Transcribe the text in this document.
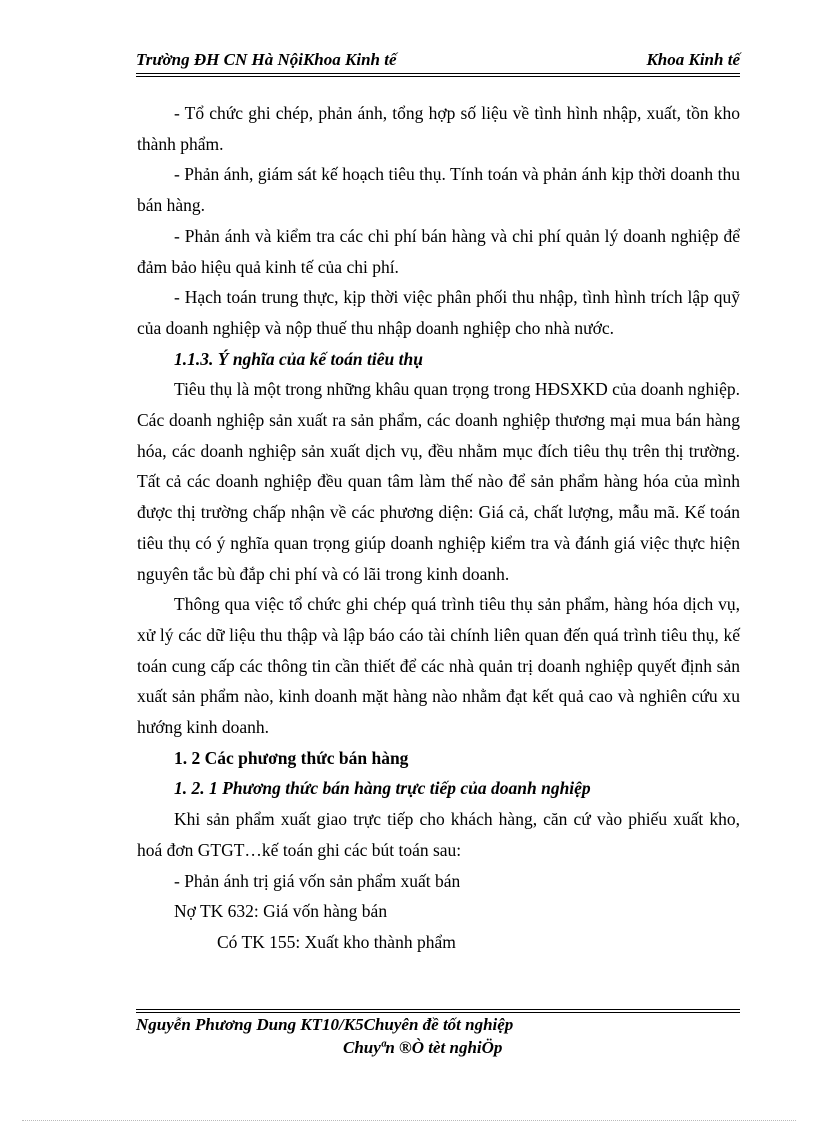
Trường ĐH CN Hà NộiKhoa Kinh tế	Khoa Kinh tế

- Tổ chức ghi chép, phản ánh, tổng hợp số liệu về tình hình nhập, xuất, tồn kho thành phẩm.

- Phản ánh, giám sát kế hoạch tiêu thụ. Tính toán và phản ánh kịp thời doanh thu bán hàng.

- Phản ánh và kiểm tra các chi phí bán hàng và chi phí quản lý doanh nghiệp để đảm bảo hiệu quả kinh tế của chi phí.

- Hạch toán trung thực, kịp thời việc phân phối thu nhập, tình hình trích lập quỹ của doanh nghiệp và nộp thuế thu nhập doanh nghiệp cho nhà nước.

1.1.3. Ý nghĩa của kế toán tiêu thụ

Tiêu thụ là một trong những khâu quan trọng trong HĐSXKD của doanh nghiệp. Các doanh nghiệp sản xuất ra sản phẩm, các doanh nghiệp thương mại mua bán hàng hóa, các doanh nghiệp sản xuất dịch vụ, đều nhằm mục đích tiêu thụ trên thị trường. Tất cả các doanh nghiệp đều quan tâm làm thế nào để sản phẩm hàng hóa của mình được thị trường chấp nhận về các phương diện: Giá cả, chất lượng, mẫu mã. Kế toán tiêu thụ có ý nghĩa quan trọng giúp doanh nghiệp kiểm tra và đánh giá việc thực hiện nguyên tắc bù đắp chi phí và có lãi trong kinh doanh.

Thông qua việc tổ chức ghi chép quá trình tiêu thụ sản phẩm, hàng hóa dịch vụ, xử lý các dữ liệu thu thập và lập báo cáo tài chính liên quan đến quá trình tiêu thụ, kế toán cung cấp các thông tin cần thiết để các nhà quản trị doanh nghiệp quyết định sản xuất sản phẩm nào, kinh doanh mặt hàng nào nhằm đạt kết quả cao và nghiên cứu xu hướng kinh doanh.

1. 2 Các phương thức bán hàng

1. 2. 1 Phương thức bán hàng trực tiếp của doanh nghiệp

Khi sản phẩm xuất giao trực tiếp cho khách hàng, căn cứ vào phiếu xuất kho, hoá đơn GTGT…kế toán ghi các bút toán sau:

- Phản ánh trị giá vốn sản phẩm xuất bán

Nợ TK 632: Giá vốn hàng bán

Có TK 155: Xuất kho thành phẩm

Nguyễn Phương Dung KT10/K5Chuyên đề tốt nghiệp
Chuyªn ®Ò tèt nghiÖp
